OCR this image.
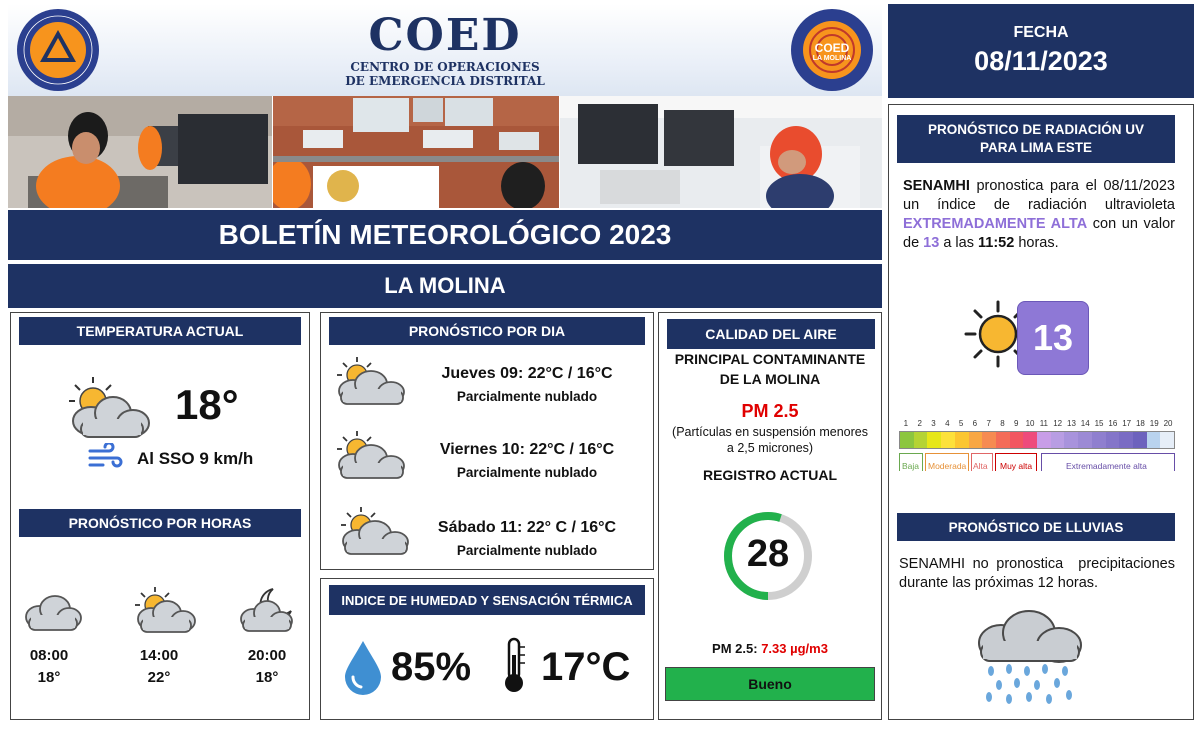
COED
CENTRO DE OPERACIONES
DE EMERGENCIA DISTRITAL
COED
LA MOLINA
BOLETÍN METEOROLÓGICO 2023
LA MOLINA
TEMPERATURA ACTUAL
18°
Al SSO 9 km/h
PRONÓSTICO POR HORAS
08:00
18°
14:00
22°
20:00
18°
PRONÓSTICO POR DIA
Jueves 09: 22°C / 16°C
Parcialmente nublado
Viernes 10: 22°C / 16°C
Parcialmente nublado
Sábado 11: 22° C / 16°C
Parcialmente nublado
INDICE DE HUMEDAD Y SENSACIÓN TÉRMICA
85% 17°C
CALIDAD DEL AIRE
PRINCIPAL CONTAMINANTE
DE LA MOLINA
PM 2.5
(Partículas en suspensión menores
a 2,5 micrones)
REGISTRO ACTUAL
28
PM 2.5: 7.33 µg/m3
Bueno
FECHA
08/11/2023
PRONÓSTICO DE RADIACIÓN UV
PARA LIMA ESTE
SENAMHI pronostica para el 08/11/2023 un índice de radiación ultravioleta EXTREMADAMENTE ALTA con un valor de 13 a las 11:52 horas.
13
1	2	3	4	5	6	7	8	9 10 11 12 13 14 15 16 17 18 19 20
Baja Moderada Alta Muy alta	Extremadamente alta
PRONÓSTICO DE LLUVIAS
SENAMHI no pronostica  precipitaciones durante las próximas 12 horas.
